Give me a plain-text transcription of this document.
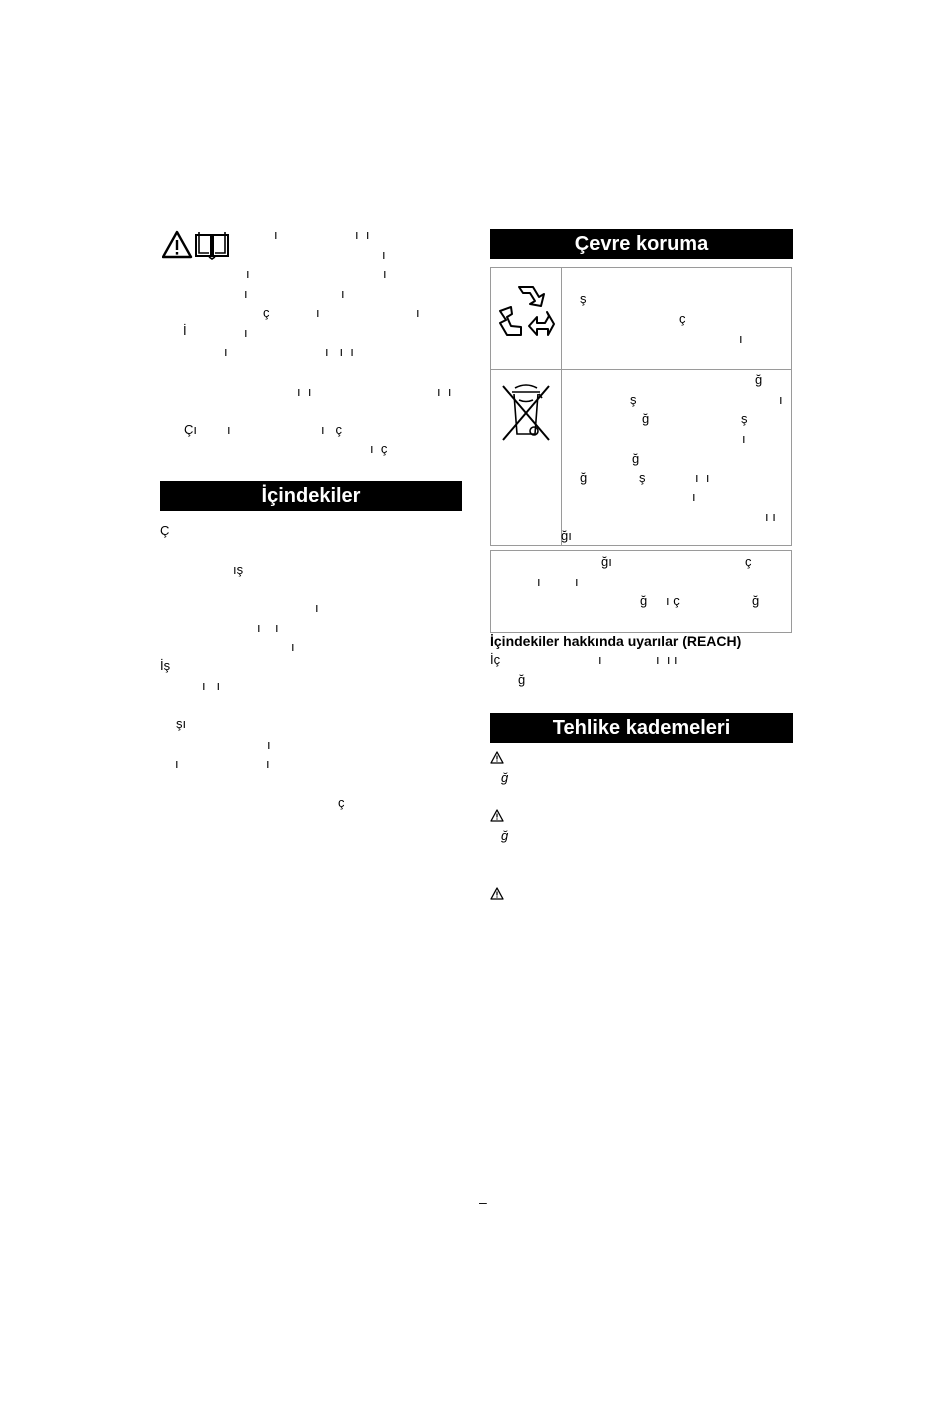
ı	ı  ı
ı
ı	ı
ı	ı
ç	ı	ı
İ	ı
ı	ı   ı  ı
ı  ı	ı  ı
Çı ı	ı   ç
ı  ç
İçindekiler
Ç
ış
ı
ı    ı
ı
İş
ı   ı
şı
ı
ı	ı
ç
Çevre koruma
ş
ç
ı
ğ
ş	ı
ğ	ş
ı
ğ
ğ	ş	ı  ı
ı
ı ı
ğı
ğı	ç
ı	ı
ğ ı ç	ğ
İçindekiler hakkında uyarılar (REACH)
İç	ı	ı  ı ı
ğ
Tehlike kademeleri
ğ
ğ
–
